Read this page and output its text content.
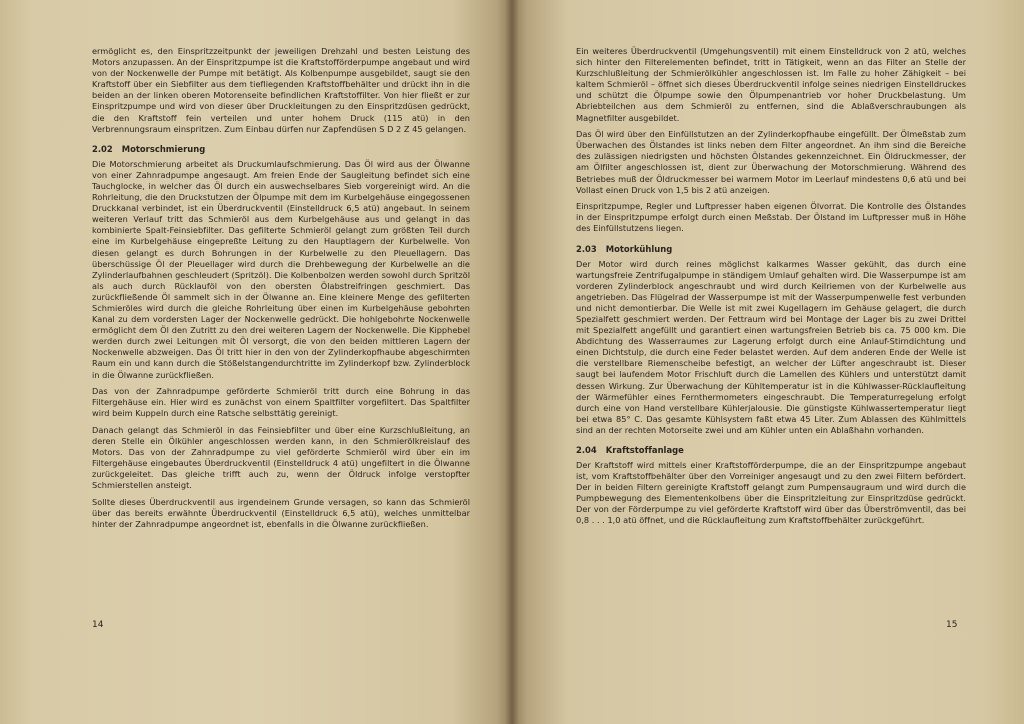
ermöglicht es, den Einspritzzeitpunkt der jeweiligen Drehzahl und besten Leistung des Motors anzupassen. An der Einspritzpumpe ist die Kraftstofförderpumpe angebaut und wird von der Nockenwelle der Pumpe mit betätigt. Als Kolbenpumpe ausgebildet, saugt sie den Kraftstoff über ein Siebfilter aus dem tiefliegenden Kraftstoffbehälter und drückt ihn in die beiden an der linken oberen Motorenseite befindlichen Kraftstoffilter. Von hier fließt er zur Einspritzpumpe und wird von dieser über Druckleitungen zu den Einspritzdüsen gedrückt, die den Kraftstoff fein verteilen und unter hohem Druck (115 atü) in den Verbrennungsraum einspritzen. Zum Einbau dürfen nur Zapfendüsen S D 2 Z 45 gelangen.

2.02 Motorschmierung

Die Motorschmierung arbeitet als Druckumlaufschmierung. Das Öl wird aus der Ölwanne von einer Zahnradpumpe angesaugt. Am freien Ende der Saugleitung befindet sich eine Tauchglocke, in welcher das Öl durch ein auswechselbares Sieb vorgereinigt wird. An die Rohrleitung, die den Druckstutzen der Ölpumpe mit dem im Kurbelgehäuse eingegossenen Druckkanal verbindet, ist ein Überdruckventil (Einstelldruck 6,5 atü) angebaut. In seinem weiteren Verlauf tritt das Schmieröl aus dem Kurbelgehäuse aus und gelangt in das kombinierte Spalt-Feinsiebfilter. Das gefilterte Schmieröl gelangt zum größten Teil durch eine im Kurbelgehäuse eingepreßte Leitung zu den Hauptlagern der Kurbelwelle. Von diesen gelangt es durch Bohrungen in der Kurbelwelle zu den Pleuellagern. Das überschüssige Öl der Pleuellager wird durch die Drehbewegung der Kurbelwelle an die Zylinderlaufbahnen geschleudert (Spritzöl). Die Kolbenbolzen werden sowohl durch Spritzöl als auch durch Rücklauföl von den obersten Ölabstreifringen geschmiert. Das zurückfließende Öl sammelt sich in der Ölwanne an. Eine kleinere Menge des gefilterten Schmieröles wird durch die gleiche Rohrleitung über einen im Kurbelgehäuse gebohrten Kanal zu dem vordersten Lager der Nockenwelle gedrückt. Die hohlgebohrte Nockenwelle ermöglicht dem Öl den Zutritt zu den drei weiteren Lagern der Nockenwelle. Die Kipphebel werden durch zwei Leitungen mit Öl versorgt, die von den beiden mittleren Lagern der Nockenwelle abzweigen. Das Öl tritt hier in den von der Zylinderkopfhaube abgeschirmten Raum ein und kann durch die Stößelstangendurchtritte im Zylinderkopf bzw. Zylinderblock in die Ölwanne zurückfließen.

Das von der Zahnradpumpe geförderte Schmieröl tritt durch eine Bohrung in das Filtergehäuse ein. Hier wird es zunächst von einem Spaltfilter vorgefiltert. Das Spaltfilter wird beim Kuppeln durch eine Ratsche selbsttätig gereinigt.

Danach gelangt das Schmieröl in das Feinsiebfilter und über eine Kurzschlußleitung, an deren Stelle ein Ölkühler angeschlossen werden kann, in den Schmierölkreislauf des Motors. Das von der Zahnradpumpe zu viel geförderte Schmieröl wird über ein im Filtergehäuse eingebautes Überdruckventil (Einstelldruck 4 atü) ungefiltert in die Ölwanne zurückgeleitet. Das gleiche trifft auch zu, wenn der Öldruck infolge verstopfter Schmierstellen ansteigt.

Sollte dieses Überdruckventil aus irgendeinem Grunde versagen, so kann das Schmieröl über das bereits erwähnte Überdruckventil (Einstelldruck 6,5 atü), welches unmittelbar hinter der Zahnradpumpe angeordnet ist, ebenfalls in die Ölwanne zurückfließen.

14

Ein weiteres Überdruckventil (Umgehungsventil) mit einem Einstelldruck von 2 atü, welches sich hinter den Filterelementen befindet, tritt in Tätigkeit, wenn an das Filter an Stelle der Kurzschlußleitung der Schmierölkühler angeschlossen ist. Im Falle zu hoher Zähigkeit – bei kaltem Schmieröl – öffnet sich dieses Überdruckventil infolge seines niedrigen Einstelldruckes und schützt die Ölpumpe sowie den Ölpumpenantrieb vor hoher Druckbelastung. Um Abriebteilchen aus dem Schmieröl zu entfernen, sind die Ablaßverschraubungen als Magnetfilter ausgebildet.

Das Öl wird über den Einfüllstutzen an der Zylinderkopfhaube eingefüllt. Der Ölmeßstab zum Überwachen des Ölstandes ist links neben dem Filter angeordnet. An ihm sind die Bereiche des zulässigen niedrigsten und höchsten Ölstandes gekennzeichnet. Ein Öldruckmesser, der am Ölfilter angeschlossen ist, dient zur Überwachung der Motorschmierung. Während des Betriebes muß der Öldruckmesser bei warmem Motor im Leerlauf mindestens 0,6 atü und bei Vollast einen Druck von 1,5 bis 2 atü anzeigen.

Einspritzpumpe, Regler und Luftpresser haben eigenen Ölvorrat. Die Kontrolle des Ölstandes in der Einspritzpumpe erfolgt durch einen Meßstab. Der Ölstand im Luftpresser muß in Höhe des Einfüllstutzens liegen.

2.03 Motorkühlung

Der Motor wird durch reines möglichst kalkarmes Wasser gekühlt, das durch eine wartungsfreie Zentrifugalpumpe in ständigem Umlauf gehalten wird. Die Wasserpumpe ist am vorderen Zylinderblock angeschraubt und wird durch Keilriemen von der Kurbelwelle aus angetrieben. Das Flügelrad der Wasserpumpe ist mit der Wasserpumpenwelle fest verbunden und nicht demontierbar. Die Welle ist mit zwei Kugellagern im Gehäuse gelagert, die durch Spezialfett geschmiert werden. Der Fettraum wird bei Montage der Lager bis zu zwei Drittel mit Spezialfett angefüllt und garantiert einen wartungsfreien Betrieb bis ca. 75 000 km. Die Abdichtung des Wasserraumes zur Lagerung erfolgt durch eine Anlauf-Stirndichtung und einen Dichtstulp, die durch eine Feder belastet werden. Auf dem anderen Ende der Welle ist die verstellbare Riemenscheibe befestigt, an welcher der Lüfter angeschraubt ist. Dieser saugt bei laufendem Motor Frischluft durch die Lamellen des Kühlers und unterstützt damit dessen Wirkung. Zur Überwachung der Kühltemperatur ist in die Kühlwasser-Rücklaufleitung der Wärmefühler eines Fernthermometers eingeschraubt. Die Temperaturregelung erfolgt durch eine von Hand verstellbare Kühlerjalousie. Die günstigste Kühlwassertemperatur liegt bei etwa 85° C. Das gesamte Kühlsystem faßt etwa 45 Liter. Zum Ablassen des Kühlmittels sind an der rechten Motorseite zwei und am Kühler unten ein Ablaßhahn vorhanden.

2.04 Kraftstoffanlage

Der Kraftstoff wird mittels einer Kraftstofförderpumpe, die an der Einspritzpumpe angebaut ist, vom Kraftstoffbehälter über den Vorreiniger angesaugt und zu den zwei Filtern befördert. Der in beiden Filtern gereinigte Kraftstoff gelangt zum Pumpensaugraum und wird durch die Pumpbewegung des Elementenkolbens über die Einspritzleitung zur Einspritzdüse gedrückt. Der von der Förderpumpe zu viel geförderte Kraftstoff wird über das Überströmventil, das bei 0,8 . . . 1,0 atü öffnet, und die Rücklaufleitung zum Kraftstoffbehälter zurückgeführt.

15
